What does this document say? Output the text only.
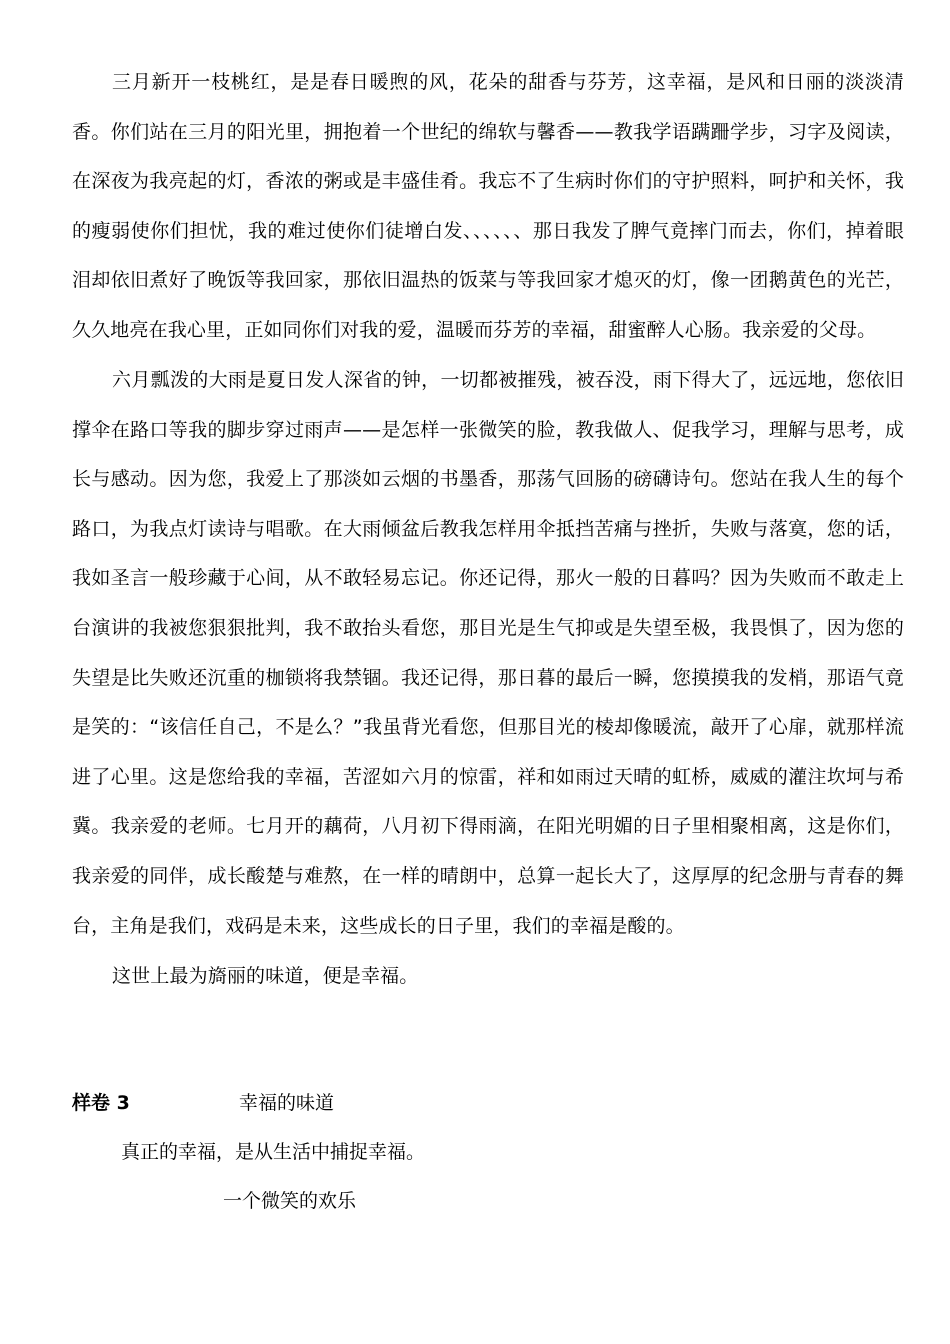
三月新开一枝桃红，是是春日暖煦的风，花朵的甜香与芬芳，这幸福，是风和日丽的淡淡清香。你们站在三月的阳光里，拥抱着一个世纪的绵软与馨香——教我学语蹒跚学步，习字及阅读，在深夜为我亮起的灯，香浓的粥或是丰盛佳肴。我忘不了生病时你们的守护照料，呵护和关怀，我的瘦弱使你们担忧，我的难过使你们徒增白发、、、、、、那日我发了脾气竟摔门而去，你们，掉着眼泪却依旧煮好了晚饭等我回家，那依旧温热的饭菜与等我回家才熄灭的灯，像一团鹅黄色的光芒，久久地亮在我心里，正如同你们对我的爱，温暖而芬芳的幸福，甜蜜醉人心肠。我亲爱的父母。

六月瓢泼的大雨是夏日发人深省的钟，一切都被摧残，被吞没，雨下得大了，远远地，您依旧撑伞在路口等我的脚步穿过雨声——是怎样一张微笑的脸，教我做人、促我学习，理解与思考，成长与感动。因为您，我爱上了那淡如云烟的书墨香，那荡气回肠的磅礴诗句。您站在我人生的每个路口，为我点灯读诗与唱歌。在大雨倾盆后教我怎样用伞抵挡苦痛与挫折，失败与落寞，您的话，我如圣言一般珍藏于心间，从不敢轻易忘记。你还记得，那火一般的日暮吗？因为失败而不敢走上台演讲的我被您狠狠批判，我不敢抬头看您，那目光是生气抑或是失望至极，我畏惧了，因为您的失望是比失败还沉重的枷锁将我禁锢。我还记得，那日暮的最后一瞬，您摸摸我的发梢，那语气竟是笑的：“该信任自己，不是么？”我虽背光看您，但那目光的棱却像暖流，敲开了心扉，就那样流进了心里。这是您给我的幸福，苦涩如六月的惊雷，祥和如雨过天晴的虹桥，威威的灌注坎坷与希冀。我亲爱的老师。七月开的藕荷，八月初下得雨滴，在阳光明媚的日子里相聚相离，这是你们，我亲爱的同伴，成长酸楚与难熬，在一样的晴朗中，总算一起长大了，这厚厚的纪念册与青春的舞台，主角是我们，戏码是未来，这些成长的日子里，我们的幸福是酸的。

这世上最为旖丽的味道，便是幸福。

样卷 3	幸福的味道

真正的幸福，是从生活中捕捉幸福。

一个微笑的欢乐
